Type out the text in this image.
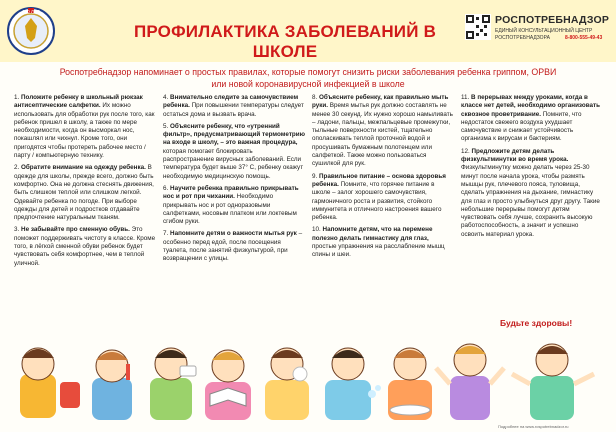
100 ЛЕТ
ПРОФИЛАКТИКА ЗАБОЛЕВАНИЙ В ШКОЛЕ
РОСПОТРЕБНАДЗОР
ЕДИНЫЙ КОНСУЛЬТАЦИОННЫЙ ЦЕНТР
РОСПОТРЕБНАДЗОРА	8-800-555-49-43
Роспотребнадзор напоминает о простых правилах, которые помогут снизить риски заболевания ребенка гриппом, ОРВИ
или новой коронавирусной инфекцией в школе

1. Положите ребенку в школьный рюкзак антисептические салфетки. Их можно использовать для обработки рук после того, как ребенок пришел в школу, а также по мере необходимости, когда он высморкал нос, покашлял или чихнул. Кроме того, они пригодятся чтобы протереть рабочее место / парту / компьютерную технику.

2. Обратите внимание на одежду ребенка. В одежде для школы, прежде всего, должно быть комфортно. Она не должна стеснять движения, быть слишком теплой или слишком легкой. Одевайте ребенка по погоде. При выборе одежды для детей и подростков отдавайте предпочтение натуральным тканям.

3. Не забывайте про сменную обувь. Это поможет поддерживать чистоту в классе. Кроме того, в лёгкой сменной обуви ребенок будет чувствовать себя комфортнее, чем в теплой уличной.

4. Внимательно следите за самочувствием ребенка. При повышении температуры следует остаться дома и вызвать врача.

5. Объясните ребенку, что «утренний фильтр», предусматривающий термометрию на входе в школу, – это важная процедура, которая помогает блокировать распространение вирусных заболеваний. Если температура будет выше 37° С, ребенку окажут необходимую медицинскую помощь.

6. Научите ребенка правильно прикрывать нос и рот при чихании. Необходимо прикрывать нос и рот одноразовыми салфетками, носовым платком или локтевым сгибом руки.

7. Напомните детям о важности мытья рук – особенно перед едой, после посещения туалета, после занятий физкультурой, при возвращении с улицы.

8. Объясните ребенку, как правильно мыть руки. Время мытья рук должно составлять не менее 30 секунд. Их нужно хорошо намыливать – ладони, пальцы, межпальцевые промежутки, тыльные поверхности кистей, тщательно ополаскивать теплой проточной водой и просушивать бумажным полотенцем или салфеткой. Также можно пользоваться сушилкой для рук.

9. Правильное питание – основа здоровья ребенка. Помните, что горячее питание в школе – залог хорошего самочувствия, гармоничного роста и развития, стойкого иммунитета и отличного настроения вашего ребенка.

10. Напомните детям, что на перемене полезно делать гимнастику для глаз, простые упражнения на расслабление мышц спины и шеи.

11. В перерывах между уроками, когда в классе нет детей, необходимо организовать сквозное проветривание. Помните, что недостаток свежего воздуха ухудшает самочувствие и снижает устойчивость организма к вирусам и бактериям.

12. Предложите детям делать физкультминутки во время урока. Физкультминутку можно делать через 25-30 минут после начала урока, чтобы размять мышцы рук, плечевого пояса, туловища, сделать упражнения на дыхание, гимнастику для глаз и просто улыбнуться друг другу. Такие небольшие перерывы помогут детям чувствовать себя лучше, сохранить высокую работоспособность, а значит и успешно освоить материал урока.

Будьте здоровы!
Подробнее на www.rospotrebnadzor.ru
